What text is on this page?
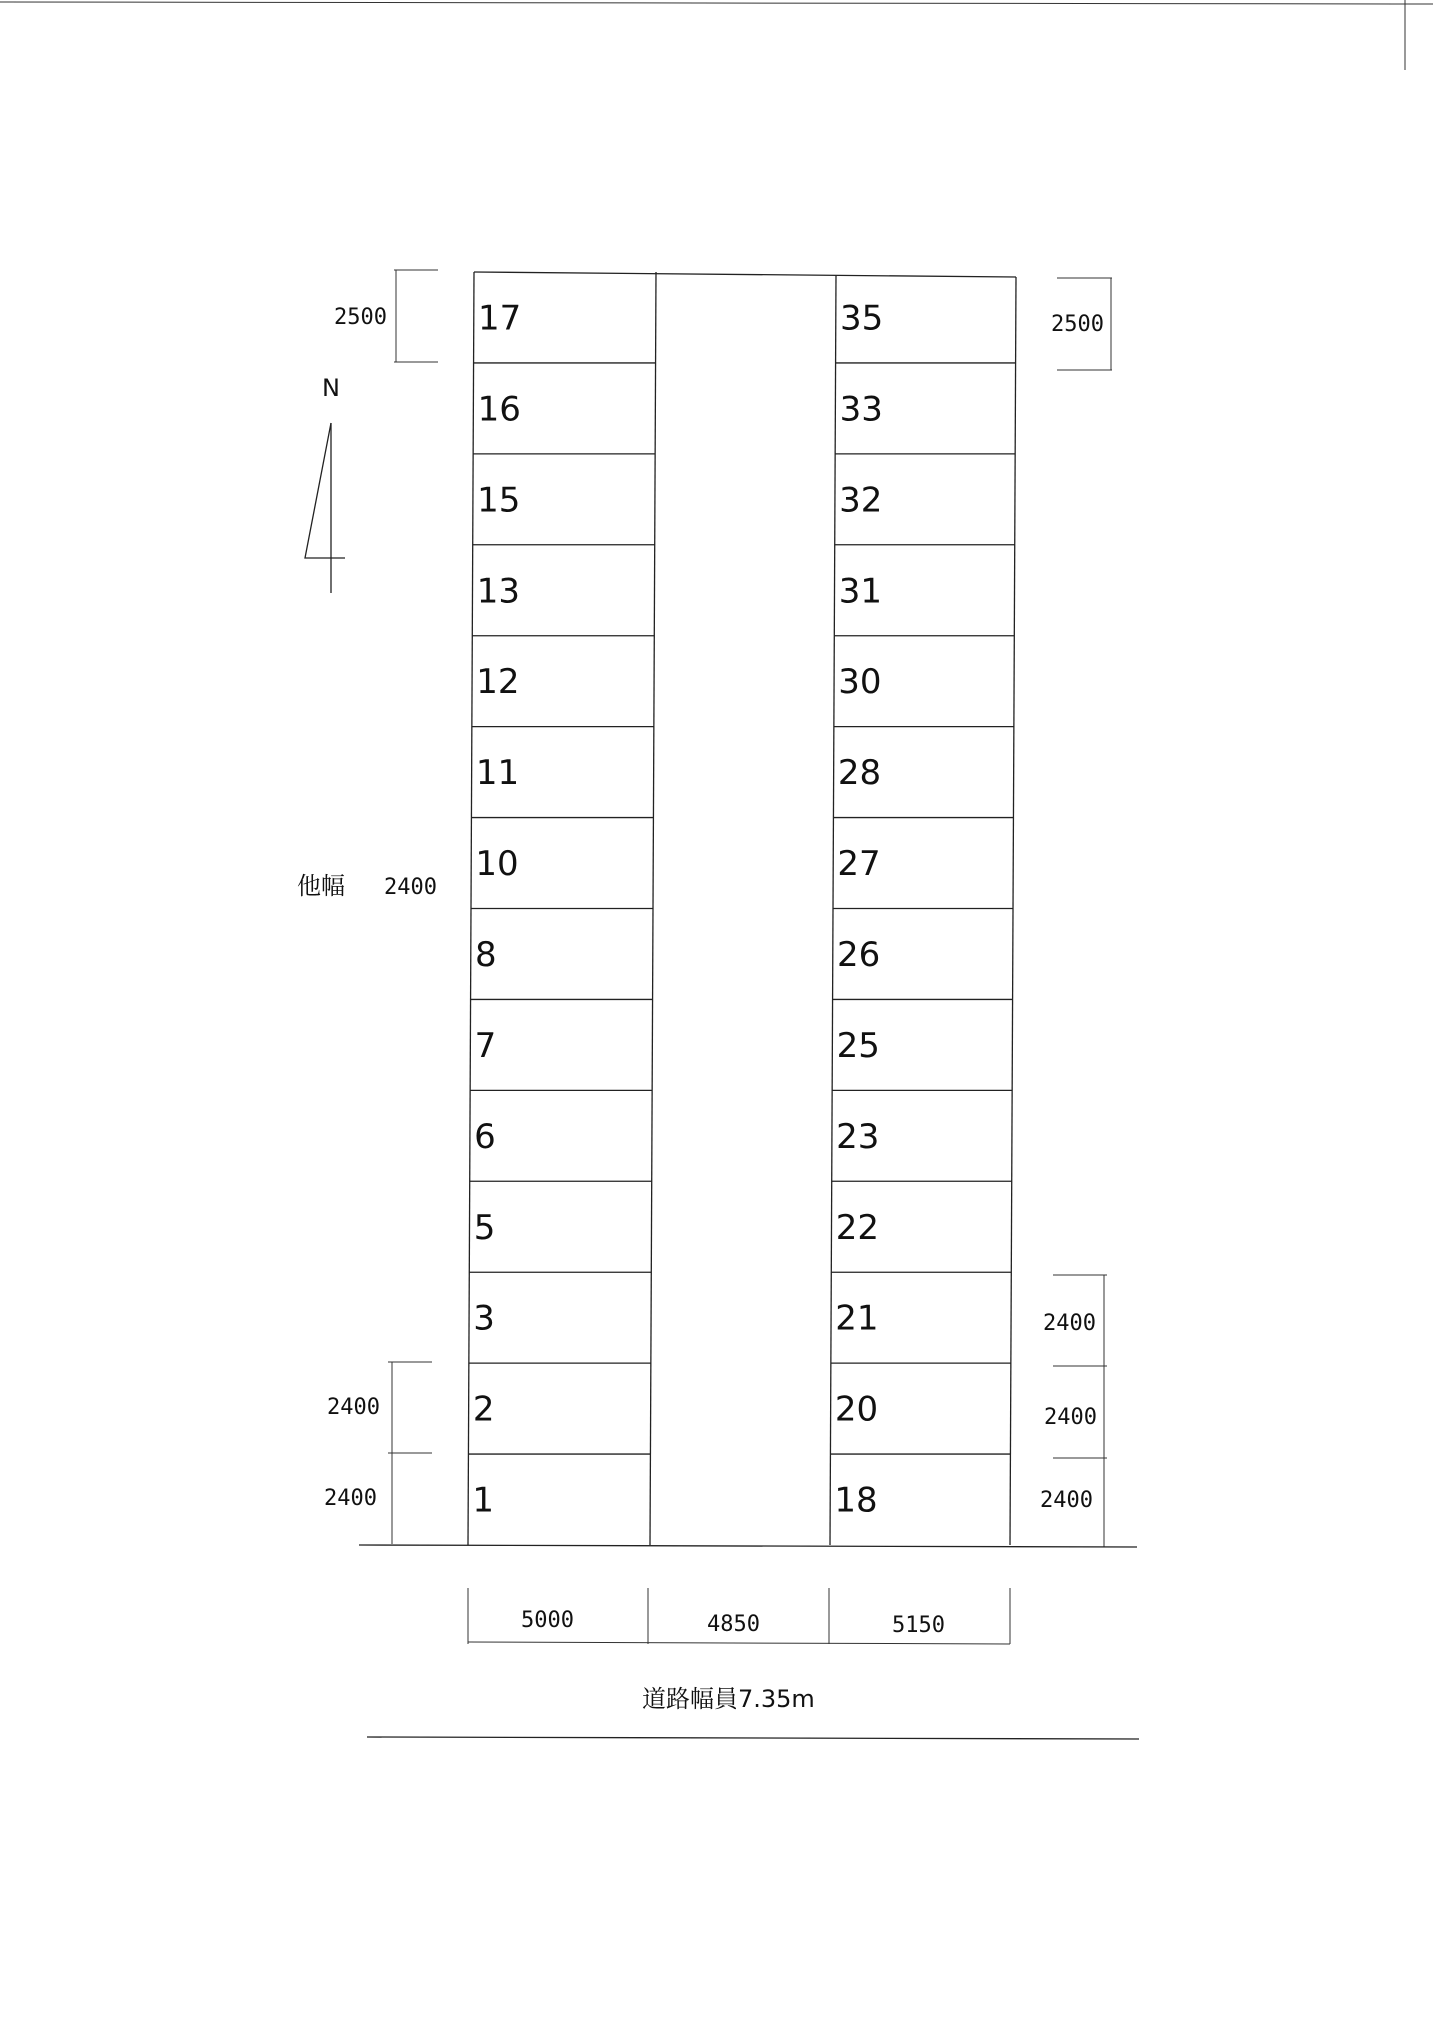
17
16
15
13
12
11
10
8
7
6
5
3
2
1
35
33
32
31
30
28
27
26
25
23
22
21
20
18
N
2500	2500
他幅 2400
2400
2400
2400
2400
2400
5000	4850	5150
道路幅員7.35m
